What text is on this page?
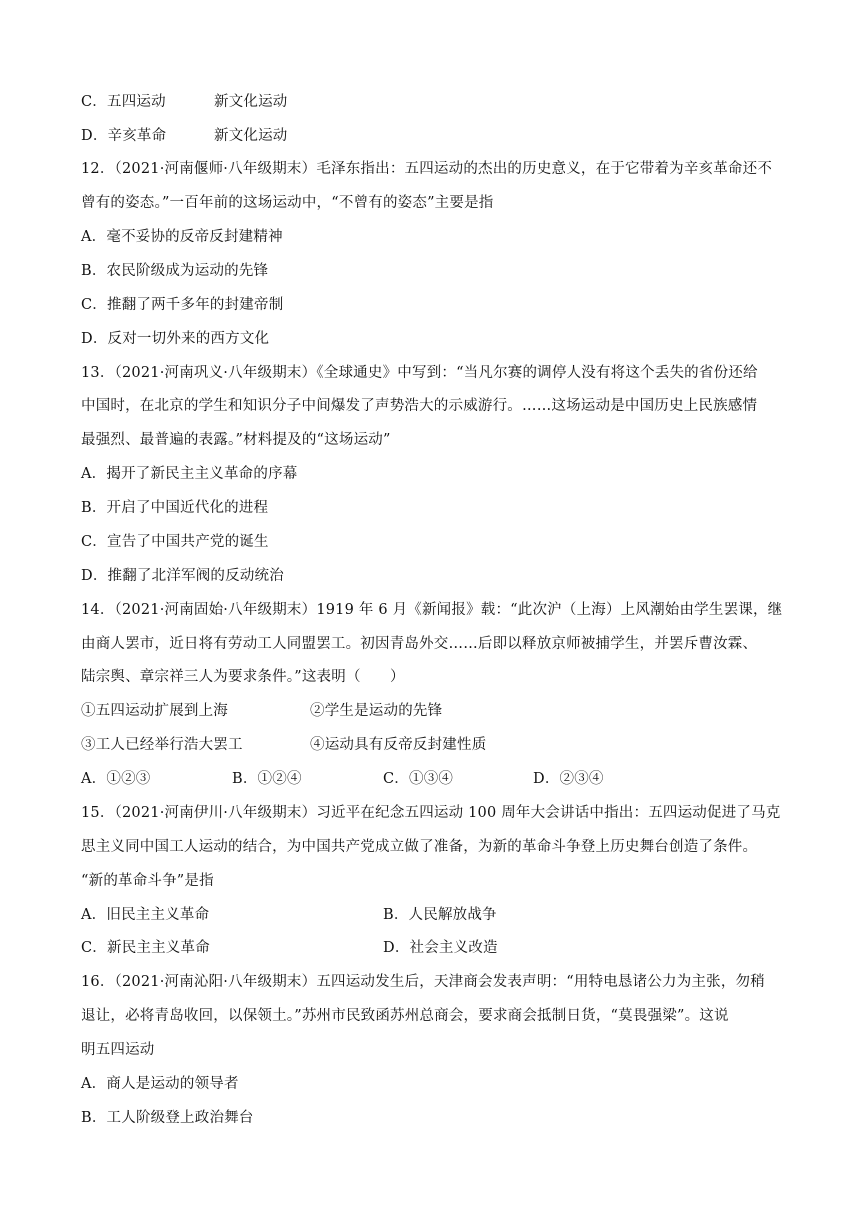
C．五四运动	新文化运动
D．辛亥革命	新文化运动
12．（2021·河南偃师·八年级期末）毛泽东指出：五四运动的杰出的历史意义，在于它带着为辛亥革命还不
曾有的姿态。”一百年前的这场运动中，“不曾有的姿态”主要是指
A．毫不妥协的反帝反封建精神
B．农民阶级成为运动的先锋
C．推翻了两千多年的封建帝制
D．反对一切外来的西方文化
13．（2021·河南巩义·八年级期末）《全球通史》中写到：“当凡尔赛的调停人没有将这个丢失的省份还给
中国时，在北京的学生和知识分子中间爆发了声势浩大的示威游行。……这场运动是中国历史上民族感情
最强烈、最普遍的表露。”材料提及的“这场运动”
A．揭开了新民主主义革命的序幕
B．开启了中国近代化的进程
C．宣告了中国共产党的诞生
D．推翻了北洋军阀的反动统治
14．（2021·河南固始·八年级期末）1919 年 6 月《新闻报》载：“此次沪（上海）上风潮始由学生罢课，继
由商人罢市，近日将有劳动工人同盟罢工。初因青岛外交……后即以释放京师被捕学生，并罢斥曹汝霖、
陆宗舆、章宗祥三人为要求条件。”这表明（　　）
①五四运动扩展到上海	②学生是运动的先锋
③工人已经举行浩大罢工	④运动具有反帝反封建性质
A．①②③	B．①②④	C．①③④	D．②③④
15．（2021·河南伊川·八年级期末）习近平在纪念五四运动 100 周年大会讲话中指出：五四运动促进了马克
思主义同中国工人运动的结合，为中国共产党成立做了准备，为新的革命斗争登上历史舞台创造了条件。
“新的革命斗争”是指
A．旧民主主义革命	B．人民解放战争
C．新民主主义革命	D．社会主义改造
16．（2021·河南沁阳·八年级期末）五四运动发生后，天津商会发表声明：“用特电恳诸公力为主张，勿稍
退让，必将青岛收回，以保领土。”苏州市民致函苏州总商会，要求商会抵制日货，“莫畏强梁”。这说
明五四运动
A．商人是运动的领导者
B．工人阶级登上政治舞台
